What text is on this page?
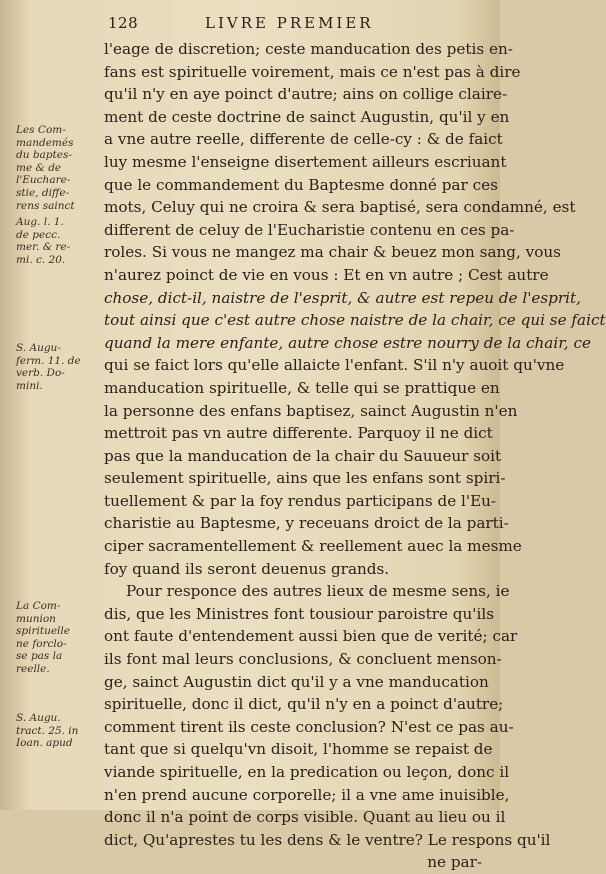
128	LIVRE PREMIER
l'eage de discretion; ceste manducation des petis en-
fans est spirituelle voirement, mais ce n'est pas à dire
qu'il n'y en aye poinct d'autre; ains on collige claire-
ment de ceste doctrine de sainct Augustin, qu'il y en
a vne autre reelle, differente de celle-cy : & de faict
luy mesme l'enseigne disertement ailleurs escriuant
que le commandement du Baptesme donné par ces
mots, Celuy qui ne croira & sera baptisé, sera condamné, est
different de celuy de l'Eucharistie contenu en ces pa-
roles. Si vous ne mangez ma chair & beuez mon sang, vous
n'aurez poinct de vie en vous : Et en vn autre ; Cest autre
chose, dict-il, naistre de l'esprit, & autre est repeu de l'esprit,
tout ainsi que c'est autre chose naistre de la chair, ce qui se faict
quand la mere enfante, autre chose estre nourry de la chair, ce
qui se faict lors qu'elle allaicte l'enfant. S'il n'y auoit qu'vne
manducation spirituelle, & telle qui se prattique en
la personne des enfans baptisez, sainct Augustin n'en
mettroit pas vn autre differente. Parquoy il ne dict
pas que la manducation de la chair du Sauueur soit
seulement spirituelle, ains que les enfans sont spiri-
tuellement & par la foy rendus participans de l'Eu-
charistie au Baptesme, y receuans droict de la parti-
ciper sacramentellement & reellement auec la mesme
foy quand ils seront deuenus grands.
Pour responce des autres lieux de mesme sens, ie
dis, que les Ministres font tousiour paroistre qu'ils
ont faute d'entendement aussi bien que de verité; car
ils font mal leurs conclusions, & concluent menson-
ge, sainct Augustin dict qu'il y a vne manducation
spirituelle, donc il dict, qu'il n'y en a poinct d'autre;
comment tirent ils ceste conclusion? N'est ce pas au-
tant que si quelqu'vn disoit, l'homme se repaist de
viande spirituelle, en la predication ou leçon, donc il
n'en prend aucune corporelle; il a vne ame inuisible,
donc il n'a point de corps visible. Quant au lieu ou il
dict, Qu'aprestes tu les dens & le ventre? Le respons qu'il
ne par-
Les Com-
mandemés
du baptes-
me & de
l'Euchare-
stie, diffe-
rens sainct
Aug. l. 1.
de pecc.
mer. & re-
mi. c. 20.
S. Augu-
ferm. 11. de
verb. Do-
mini.
La Com-
munion
spirituelle
ne forclo-
se pas la
reelle.
S. Augu.
tract. 25. in
Ioan. apud
